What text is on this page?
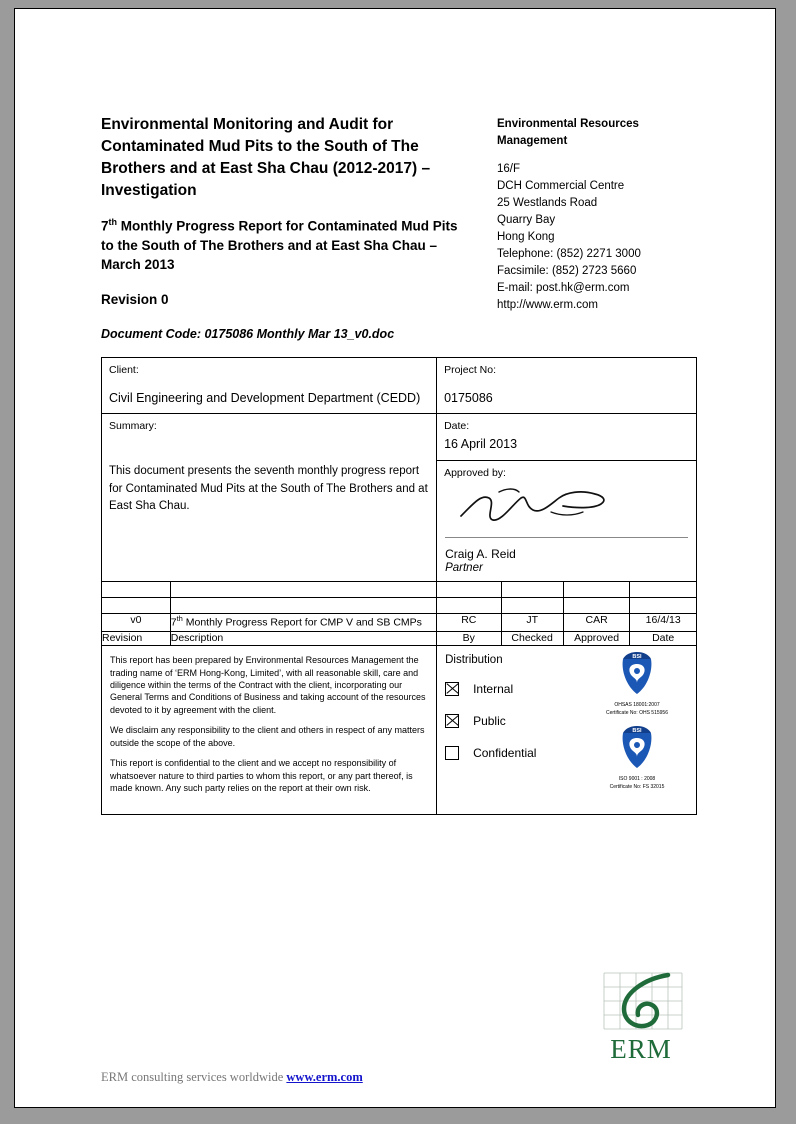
Environmental Monitoring and Audit for Contaminated Mud Pits to the South of The Brothers and at East Sha Chau (2012-2017) – Investigation
7th Monthly Progress Report for Contaminated Mud Pits to the South of The Brothers and at East Sha Chau – March 2013
Revision 0
Document Code: 0175086 Monthly Mar 13_v0.doc
Environmental Resources Management
16/F
DCH Commercial Centre
25 Westlands Road
Quarry Bay
Hong Kong
Telephone: (852) 2271 3000
Facsimile: (852) 2723 5660
E-mail: post.hk@erm.com
http://www.erm.com
Client:
Civil Engineering and Development Department (CEDD)

Project No:
0175086

Summary:
This document presents the seventh monthly progress report for Contaminated Mud Pits at the South of The Brothers and at East Sha Chau.

Date:
16 April 2013

		Approved by:
Craig A. Reid
Partner			

v0	7th Monthly Progress Report for CMP V and SB CMPs	RC	JT	CAR	16/4/13
Revision	Description	By	Checked	Approved	Date

This report has been prepared by Environmental Resources Management the trading name of ‘ERM Hong-Kong, Limited’, with all reasonable skill, care and diligence within the terms of the Contract with the client, incorporating our General Terms and Conditions of Business and taking account of the resources devoted to it by agreement with the client.

We disclaim any responsibility to the client and others in respect of any matters outside the scope of the above.

This report is confidential to the client and we accept no responsibility of whatsoever nature to third parties to whom this report, or any part thereof, is made known. Any such party relies on the report at their own risk.

Distribution
Internal
Public
Confidential
BSI
OHSAS 18001:2007
Certificate No: OHS 515956
BSI
ISO 9001 : 2008
Certificate No: FS 32015
ERM consulting services worldwide www.erm.com
ERM
